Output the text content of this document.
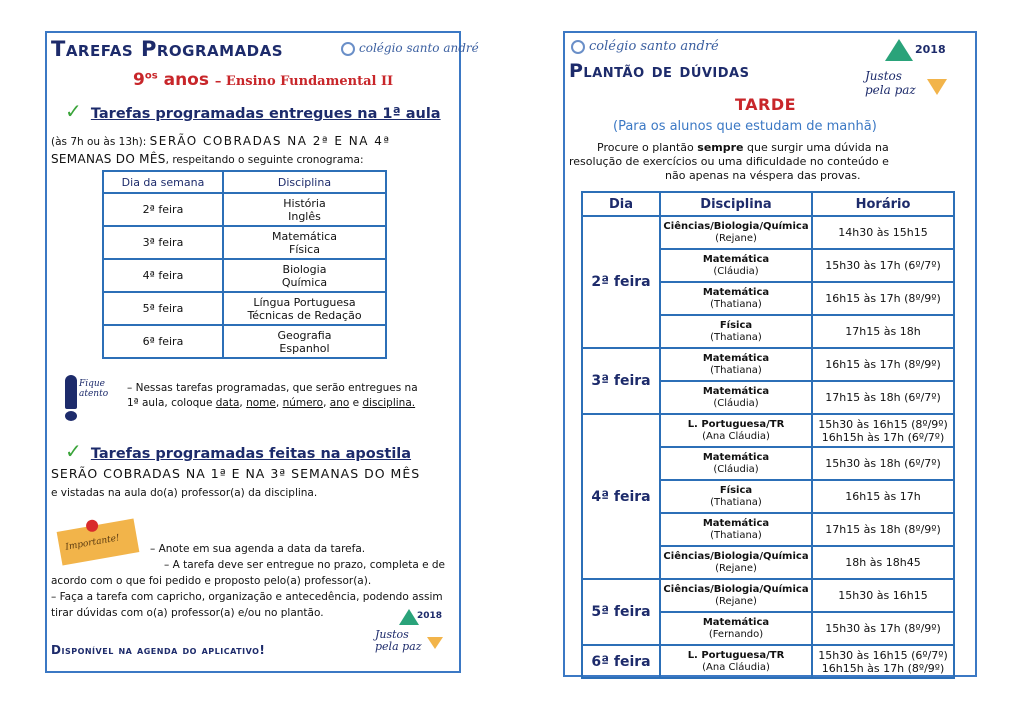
Tarefas Programadas	colégio santo andré
$9^{os}$ anos – Ensino Fundamental II
✓ Tarefas programadas entregues na 1ª aula
(às 7h ou às 13h): SERÃO COBRADAS NA 2ª E NA 4ª
SEMANAS DO MÊS, respeitando o seguinte cronograma:
Dia da semana	Disciplina
2ª feira	História
Inglês
3ª feira	Matemática
Física
4ª feira	Biologia
Química
5ª feira	Língua Portuguesa
Técnicas de Redação
6ª feira	Geografia
Espanhol
Fique atento	– Nessas tarefas programadas, que serão entregues na
1ª aula, coloque data, nome, número, ano e disciplina.
✓ Tarefas programadas feitas na apostila
SERÃO COBRADAS NA 1ª E NA 3ª SEMANAS DO MÊS
e vistadas na aula do(a) professor(a) da disciplina.
Importante!	– Anote em sua agenda a data da tarefa.
– A tarefa deve ser entregue no prazo, completa e de
acordo com o que foi pedido e proposto pelo(a) professor(a).
– Faça a tarefa com capricho, organização e antecedência, podendo assim
tirar dúvidas com o(a) professor(a) e/ou no plantão.
Disponível na agenda do aplicativo!
2018
Justos
pela paz
colégio santo andré
Plantão de dúvidas
2018
Justos
pela paz
TARDE
(Para os alunos que estudam de manhã)
Procure o plantão sempre que surgir uma dúvida na
resolução de exercícios ou uma dificuldade no conteúdo e
não apenas na véspera das provas.
Dia	Disciplina	Horário
2ª feira	Ciências/Biologia/Química
(Rejane)	14h30 às 15h15
	Matemática
(Cláudia)	15h30 às 17h (6º/7º)
	Matemática
(Thatiana)	16h15 às 17h (8º/9º)
	Física
(Thatiana)	17h15 às 18h
3ª feira	Matemática
(Thatiana)	16h15 às 17h (8º/9º)
	Matemática
(Cláudia)	17h15 às 18h (6º/7º)
4ª feira	L. Portuguesa/TR
(Ana Cláudia)	15h30 às 16h15 (8º/9º)
16h15h às 17h (6º/7º)
	Matemática
(Cláudia)	15h30 às 18h (6º/7º)
	Física
(Thatiana)	16h15 às 17h
	Matemática
(Thatiana)	17h15 às 18h (8º/9º)
	Ciências/Biologia/Química
(Rejane)	18h às 18h45
5ª feira	Ciências/Biologia/Química
(Rejane)	15h30 às 16h15
	Matemática
(Fernando)	15h30 às 17h (8º/9º)
6ª feira	L. Portuguesa/TR
(Ana Cláudia)	15h30 às 16h15 (6º/7º)
16h15h às 17h (8º/9º)
